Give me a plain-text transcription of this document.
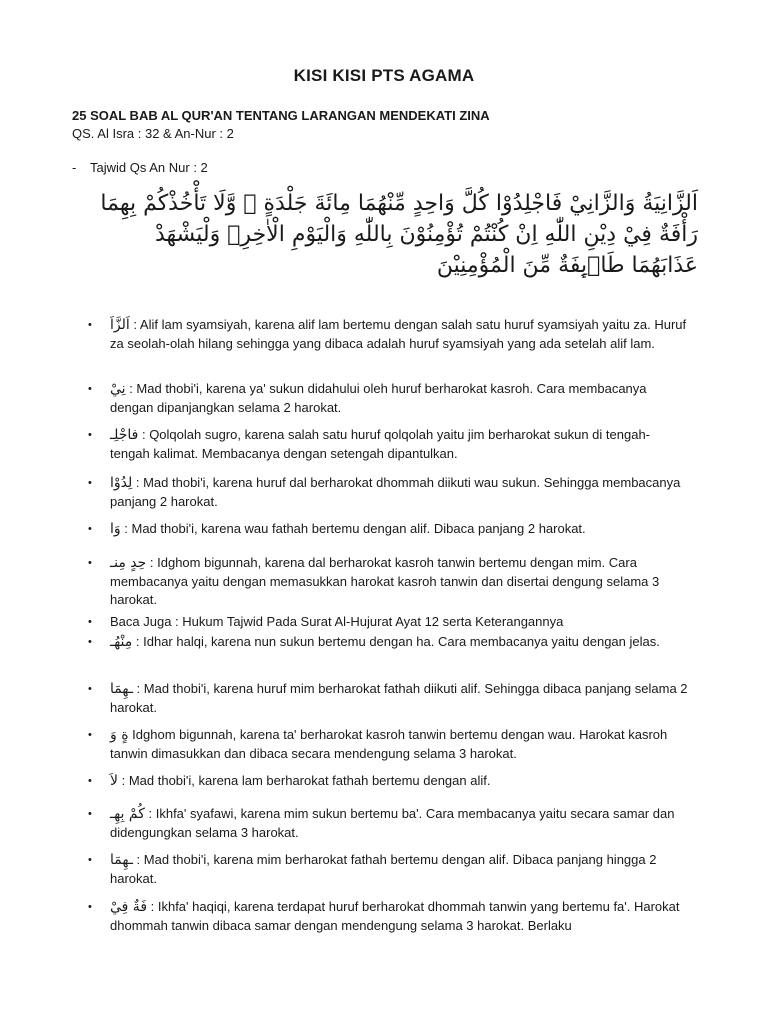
KISI KISI PTS AGAMA
25 SOAL BAB AL QUR'AN TENTANG LARANGAN MENDEKATI ZINA
QS. Al Isra : 32 & An-Nur : 2
- Tajwid Qs An Nur : 2
اَلزَّانِيَةُ وَالزَّانِيْ فَاجْلِدُوْا كُلَّ وَاحِدٍ مِّنْهُمَا مِائَةَ جَلْدَةٍ ۖ وَّلَا تَأْخُذْكُمْ بِهِمَا رَأْفَةٌ فِيْ دِيْنِ اللّٰهِ اِنْ كُنْتُمْ تُؤْمِنُوْنَ بِاللّٰهِ وَالْيَوْمِ الْاٰخِرِۚ وَلْيَشْهَدْ عَذَابَهُمَا طَاۤىِٕفَةٌ مِّنَ الْمُؤْمِنِيْنَ
• اَلزَّاَ : Alif lam syamsiyah, karena alif lam bertemu dengan salah satu huruf syamsiyah yaitu za. Huruf za seolah-olah hilang sehingga yang dibaca adalah huruf syamsiyah yang ada setelah alif lam.
• نِيْ : Mad thobi'i, karena ya' sukun didahului oleh huruf berharokat kasroh. Cara membacanya dengan dipanjangkan selama 2 harokat.
• فاجْلِـ : Qolqolah sugro, karena salah satu huruf qolqolah yaitu jim berharokat sukun di tengah-tengah kalimat. Membacanya dengan setengah dipantulkan.
• لِدُوْا : Mad thobi'i, karena huruf dal berharokat dhommah diikuti wau sukun. Sehingga membacanya panjang 2 harokat.
• وَا : Mad thobi'i, karena wau fathah bertemu dengan alif. Dibaca panjang 2 harokat.
• حِدٍ مِنـ : Idghom bigunnah, karena dal berharokat kasroh tanwin bertemu dengan mim. Cara membacanya yaitu dengan memasukkan harokat kasroh tanwin dan disertai dengung selama 3 harokat.
• Baca Juga : Hukum Tajwid Pada Surat Al-Hujurat Ayat 12 serta Keterangannya
• مِنْهُـ : Idhar halqi, karena nun sukun bertemu dengan ha. Cara membacanya yaitu dengan jelas.
• ـهِمَا : Mad thobi'i, karena huruf mim berharokat fathah diikuti alif. Sehingga dibaca panjang selama 2 harokat.
• ةٍ وَ Idghom bigunnah, karena ta' berharokat kasroh tanwin bertemu dengan wau. Harokat kasroh tanwin dimasukkan dan dibaca secara mendengung selama 3 harokat.
• لاَ : Mad thobi'i, karena lam berharokat fathah bertemu dengan alif.
• كُمْ بِهِـ : Ikhfa' syafawi, karena mim sukun bertemu ba'. Cara membacanya yaitu secara samar dan didengungkan selama 3 harokat.
• ـهِمَا : Mad thobi'i, karena mim berharokat fathah bertemu dengan alif. Dibaca panjang hingga 2 harokat.
• فَةٌ فِيْ : Ikhfa' haqiqi, karena terdapat huruf berharokat dhommah tanwin yang bertemu fa'. Harokat dhommah tanwin dibaca samar dengan mendengung selama 3 harokat. Berlaku
